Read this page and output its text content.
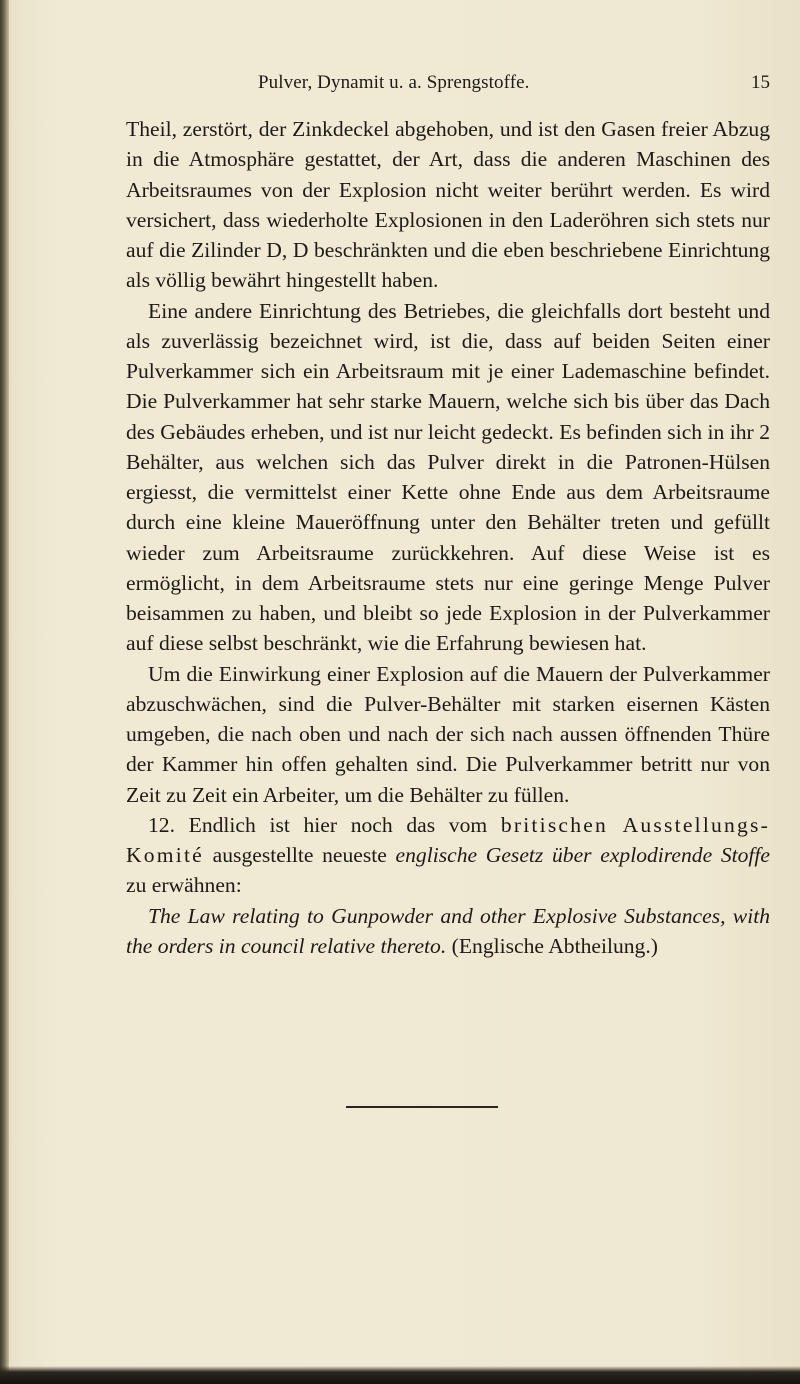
Pulver, Dynamit u. a. Sprengstoffe.	15

Theil, zerstört, der Zinkdeckel abgehoben, und ist den Gasen freier Abzug in die Atmosphäre gestattet, der Art, dass die anderen Maschinen des Arbeitsraumes von der Explosion nicht weiter berührt werden. Es wird versichert, dass wiederholte Explosionen in den Laderöhren sich stets nur auf die Zilinder D, D beschränkten und die eben beschriebene Einrichtung als völlig bewährt hingestellt haben.

Eine andere Einrichtung des Betriebes, die gleichfalls dort besteht und als zuverlässig bezeichnet wird, ist die, dass auf beiden Seiten einer Pulverkammer sich ein Arbeitsraum mit je einer Lademaschine befindet. Die Pulverkammer hat sehr starke Mauern, welche sich bis über das Dach des Gebäudes erheben, und ist nur leicht gedeckt. Es befinden sich in ihr 2 Behälter, aus welchen sich das Pulver direkt in die Patronen-Hülsen ergiesst, die vermittelst einer Kette ohne Ende aus dem Arbeitsraume durch eine kleine Maueröffnung unter den Behälter treten und gefüllt wieder zum Arbeitsraume zurückkehren. Auf diese Weise ist es ermöglicht, in dem Arbeitsraume stets nur eine geringe Menge Pulver beisammen zu haben, und bleibt so jede Explosion in der Pulverkammer auf diese selbst beschränkt, wie die Erfahrung bewiesen hat.

Um die Einwirkung einer Explosion auf die Mauern der Pulverkammer abzuschwächen, sind die Pulver-Behälter mit starken eisernen Kästen umgeben, die nach oben und nach der sich nach aussen öffnenden Thüre der Kammer hin offen gehalten sind. Die Pulverkammer betritt nur von Zeit zu Zeit ein Arbeiter, um die Behälter zu füllen.

12. Endlich ist hier noch das vom britischen Ausstellungs-Komité ausgestellte neueste englische Gesetz über explodirende Stoffe zu erwähnen:

The Law relating to Gunpowder and other Explosive Substances, with the orders in council relative thereto. (Englische Abtheilung.)
